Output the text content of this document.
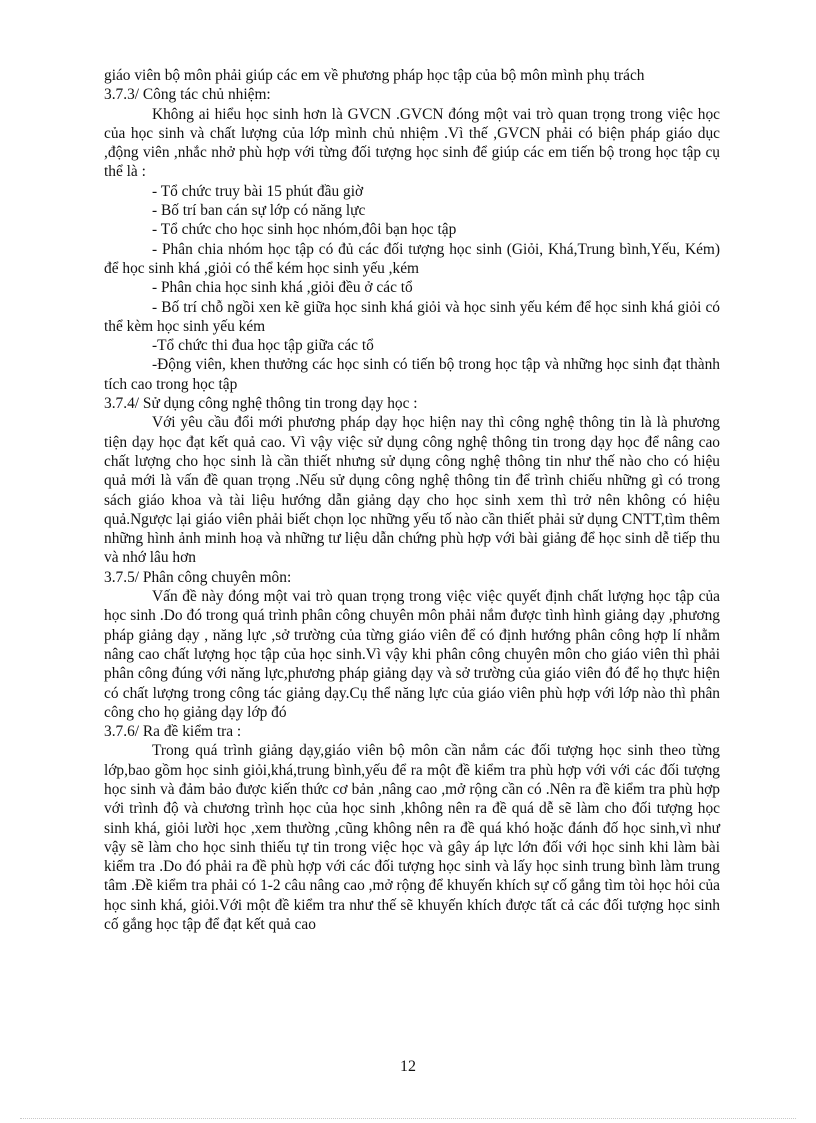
giáo viên bộ môn phải giúp các em về phương pháp học tập của bộ môn mình phụ trách

3.7.3/ Công tác chủ nhiệm:

Không ai hiểu học sinh hơn là GVCN .GVCN đóng một vai trò quan trọng trong việc học của học sinh và chất lượng của lớp mình chủ nhiệm .Vì thế ,GVCN phải có biện pháp giáo dục ,động viên ,nhắc nhở phù hợp với từng đối tượng học sinh để giúp các em tiến bộ trong học tập cụ thể là :

- Tổ chức truy bài 15 phút đầu giờ

- Bố trí ban cán sự lớp có năng lực

- Tổ chức cho học sinh học nhóm,đôi bạn học tập

- Phân chia nhóm học tập có đủ các đối tượng học sinh (Giỏi, Khá,Trung bình,Yếu, Kém) để học sinh khá ,giỏi có thể kém học sinh yếu ,kém

- Phân chia học sinh khá ,giỏi đều ở các tổ

- Bố trí chỗ ngồi xen kẽ giữa học sinh khá giỏi và học sinh yếu kém để học sinh khá giỏi có thể kèm học sinh yếu kém

-Tổ chức thi đua học tập giữa các tổ

-Động viên, khen thưởng các học sinh có tiến bộ trong học tập và những học sinh đạt thành tích cao trong học tập

3.7.4/ Sử dụng công nghệ thông tin trong dạy học :

Với yêu cầu đổi mới phương pháp dạy học hiện nay thì công nghệ thông tin là là phương tiện dạy học đạt kết quả cao. Vì vậy việc sử dụng công nghệ thông tin trong dạy học để nâng cao chất lượng cho học sinh là cần thiết nhưng sử dụng công nghệ thông tin như thế nào cho có hiệu quả mới là vấn đề quan trọng .Nếu sử dụng công nghệ thông tin để trình chiếu những gì có trong sách giáo khoa và tài liệu hướng dẫn giảng dạy cho học sinh xem thì trở nên không có hiệu quả.Ngược lại giáo viên phải biết chọn lọc những yếu tố nào cần thiết phải sử dụng CNTT,tìm thêm những hình ảnh minh hoạ và những tư liệu dẫn chứng phù hợp với bài giảng để học sinh dễ tiếp thu và nhớ lâu hơn

3.7.5/ Phân công chuyên môn:

Vấn đề này đóng một vai trò quan trọng trong việc việc quyết định chất lượng học tập của học sinh .Do đó trong quá trình phân công chuyên môn phải nắm được tình hình giảng dạy ,phương pháp giảng dạy , năng lực ,sở trường của từng giáo viên để có định hướng phân công hợp lí nhằm nâng cao chất lượng học tập của học sinh.Vì vậy khi phân công chuyên môn cho giáo viên thì phải phân công đúng với năng lực,phương pháp giảng dạy và sở trường của giáo viên đó để họ thực hiện có chất lượng trong công tác giảng dạy.Cụ thể năng lực của giáo viên phù hợp với lớp nào thì phân công cho họ giảng dạy lớp đó

3.7.6/ Ra đề kiểm tra :

Trong quá trình giảng dạy,giáo viên bộ môn cần nắm các đối tượng học sinh theo từng lớp,bao gồm học sinh giỏi,khá,trung bình,yếu để ra một đề kiểm tra phù hợp với với các đối tượng học sinh và đảm bảo được kiến thức cơ bản ,nâng cao ,mở rộng cần có .Nên ra đề kiểm tra phù hợp với trình độ và chương trình học của học sinh ,không nên ra đề quá dễ sẽ làm cho đối tượng học sinh khá, giỏi lười học ,xem thường ,cũng không nên ra đề quá khó hoặc đánh đố học sinh,vì như vậy sẽ làm cho học sinh thiếu tự tin trong việc học và gây áp lực lớn đối với học sinh khi làm bài kiểm tra .Do đó phải ra đề phù hợp với các đối tượng học sinh và lấy học sinh trung bình làm trung tâm .Đề kiểm tra phải có 1-2 câu nâng cao ,mở rộng để khuyến khích sự cố gắng tìm tòi học hỏi của học sinh khá, giỏi.Với một đề kiểm tra như thế sẽ khuyến khích được tất cả các đối tượng học sinh cố gắng học tập để đạt kết quả cao

12
